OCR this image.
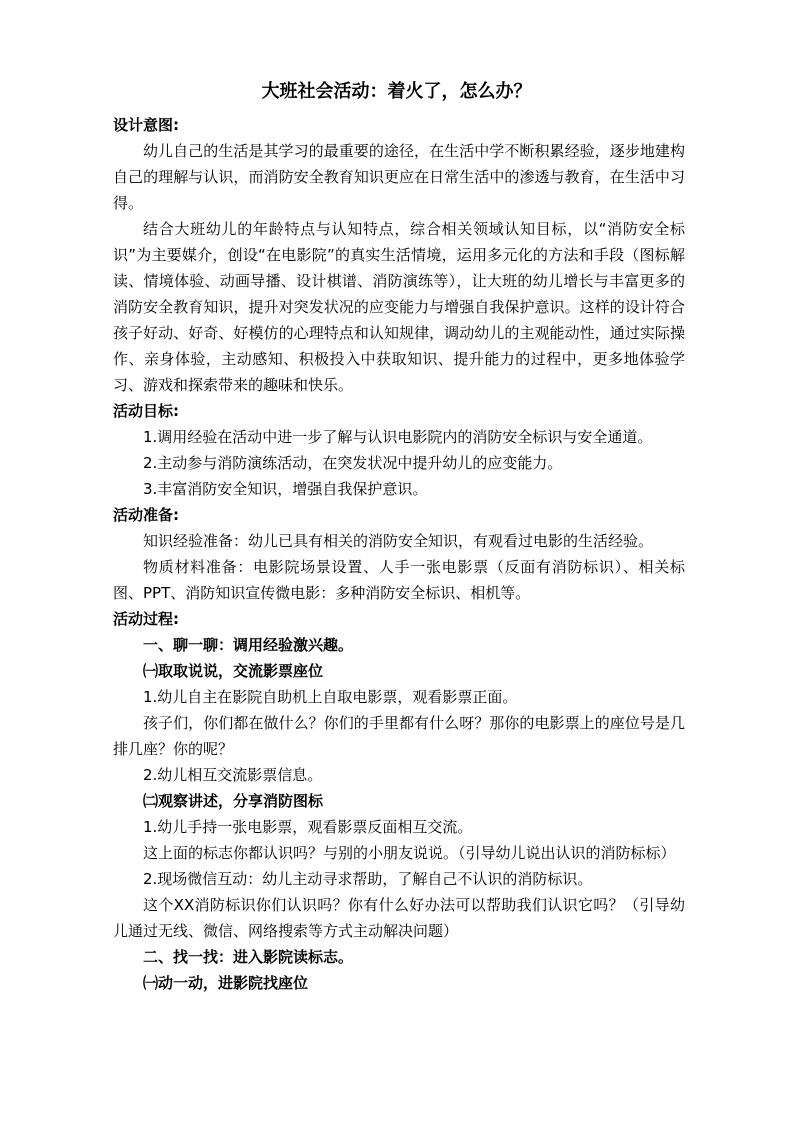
大班社会活动：着火了，怎么办？

设计意图:

幼儿自己的生活是其学习的最重要的途径，在生活中学不断积累经验，逐步地建构自己的理解与认识，而消防安全教育知识更应在日常生活中的渗透与教育，在生活中习得。

结合大班幼儿的年龄特点与认知特点，综合相关领域认知目标，以“消防安全标识”为主要媒介，创设“在电影院”的真实生活情境，运用多元化的方法和手段（图标解读、情境体验、动画导播、设计棋谱、消防演练等），让大班的幼儿增长与丰富更多的消防安全教育知识，提升对突发状况的应变能力与增强自我保护意识。这样的设计符合孩子好动、好奇、好模仿的心理特点和认知规律，调动幼儿的主观能动性，通过实际操作、亲身体验，主动感知、积极投入中获取知识、提升能力的过程中，更多地体验学习、游戏和探索带来的趣味和快乐。

活动目标:

1.调用经验在活动中进一步了解与认识电影院内的消防安全标识与安全通道。

2.主动参与消防演练活动，在突发状况中提升幼儿的应变能力。

3.丰富消防安全知识，增强自我保护意识。

活动准备:

知识经验准备：幼儿已具有相关的消防安全知识，有观看过电影的生活经验。

物质材料准备：电影院场景设置、人手一张电影票（反面有消防标识）、相关标图、PPT、消防知识宣传微电影：多种消防安全标识、相机等。

活动过程:

一、聊一聊：调用经验激兴趣。

㈠取取说说，交流影票座位

1.幼儿自主在影院自助机上自取电影票，观看影票正面。

孩子们，你们都在做什么？你们的手里都有什么呀？那你的电影票上的座位号是几排几座？你的呢？

2.幼儿相互交流影票信息。

㈡观察讲述，分享消防图标

1.幼儿手持一张电影票，观看影票反面相互交流。

这上面的标志你都认识吗？与别的小朋友说说。（引导幼儿说出认识的消防标标）

2.现场微信互动：幼儿主动寻求帮助，了解自己不认识的消防标识。

这个XX消防标识你们认识吗？你有什么好办法可以帮助我们认识它吗？（引导幼儿通过无线、微信、网络搜索等方式主动解决问题）

二、找一找：进入影院读标志。

㈠动一动，进影院找座位
